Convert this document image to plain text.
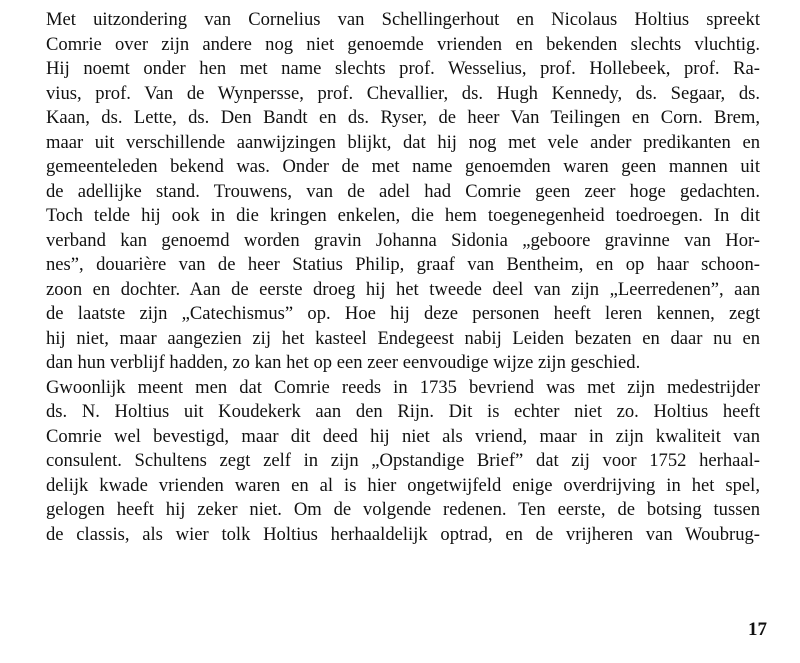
Met uitzondering van Cornelius van Schellingerhout en Nicolaus Holtius spreekt
Comrie over zijn andere nog niet genoemde vrienden en bekenden slechts vluchtig.
Hij noemt onder hen met name slechts prof. Wesselius, prof. Hollebeek, prof. Ra-
vius, prof. Van de Wynpersse, prof. Chevallier, ds. Hugh Kennedy, ds. Segaar, ds.
Kaan, ds. Lette, ds. Den Bandt en ds. Ryser, de heer Van Teilingen en Corn. Brem,
maar uit verschillende aanwijzingen blijkt, dat hij nog met vele ander predikanten en
gemeenteleden bekend was. Onder de met name genoemden waren geen mannen uit
de adellijke stand. Trouwens, van de adel had Comrie geen zeer hoge gedachten.
Toch telde hij ook in die kringen enkelen, die hem toegenegenheid toedroegen. In dit
verband kan genoemd worden gravin Johanna Sidonia „geboore gravinne van Hor-
nes”, douarière van de heer Statius Philip, graaf van Bentheim, en op haar schoon-
zoon en dochter. Aan de eerste droeg hij het tweede deel van zijn „Leerredenen”, aan
de laatste zijn „Catechismus” op. Hoe hij deze personen heeft leren kennen, zegt
hij niet, maar aangezien zij het kasteel Endegeest nabij Leiden bezaten en daar nu en
dan hun verblijf hadden, zo kan het op een zeer eenvoudige wijze zijn geschied.
Gwoonlijk meent men dat Comrie reeds in 1735 bevriend was met zijn medestrijder
ds. N. Holtius uit Koudekerk aan den Rijn. Dit is echter niet zo. Holtius heeft
Comrie wel bevestigd, maar dit deed hij niet als vriend, maar in zijn kwaliteit van
consulent. Schultens zegt zelf in zijn „Opstandige Brief” dat zij voor 1752 herhaal-
delijk kwade vrienden waren en al is hier ongetwijfeld enige overdrijving in het spel,
gelogen heeft hij zeker niet. Om de volgende redenen. Ten eerste, de botsing tussen
de classis, als wier tolk Holtius herhaaldelijk optrad, en de vrijheren van Woubrug-
17
